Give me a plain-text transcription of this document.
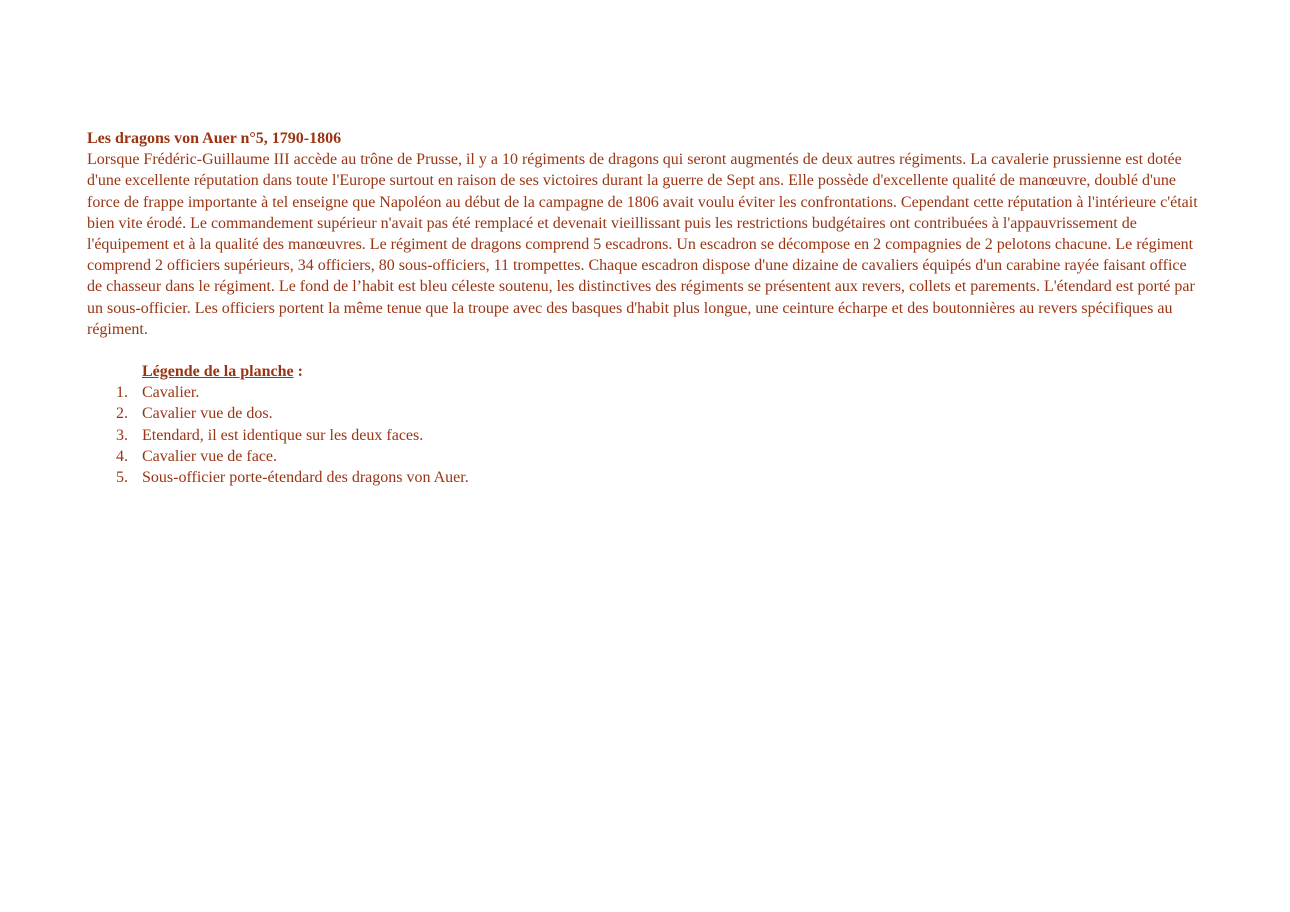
Les dragons von Auer n°5, 1790-1806

Lorsque Frédéric-Guillaume III accède au trône de Prusse, il y a 10 régiments de dragons qui seront augmentés de deux autres régiments. La cavalerie prussienne est dotée d'une excellente réputation dans toute l'Europe surtout en raison de ses victoires durant la guerre de Sept ans. Elle possède d'excellente qualité de manœuvre, doublé d'une force de frappe importante à tel enseigne que Napoléon au début de la campagne de 1806 avait voulu éviter les confrontations. Cependant cette réputation à l'intérieure c'était bien vite érodé. Le commandement supérieur n'avait pas été remplacé et devenait vieillissant puis les restrictions budgétaires ont contribuées à l'appauvrissement de l'équipement et à la qualité des manœuvres. Le régiment de dragons comprend 5 escadrons. Un escadron se décompose en 2 compagnies de 2 pelotons chacune. Le régiment comprend 2 officiers supérieurs, 34 officiers, 80 sous-officiers, 11 trompettes. Chaque escadron dispose d'une dizaine de cavaliers équipés d'un carabine rayée faisant office de chasseur dans le régiment. Le fond de l’habit est bleu céleste soutenu, les distinctives des régiments se présentent aux revers, collets et parements. L'étendard est porté par un sous-officier. Les officiers portent la même tenue que la troupe avec des basques d'habit plus longue, une ceinture écharpe et des boutonnières au revers spécifiques au régiment.

Légende de la planche :
1. Cavalier.
2. Cavalier vue de dos.
3. Etendard, il est identique sur les deux faces.
4. Cavalier vue de face.
5. Sous-officier porte-étendard des dragons von Auer.
